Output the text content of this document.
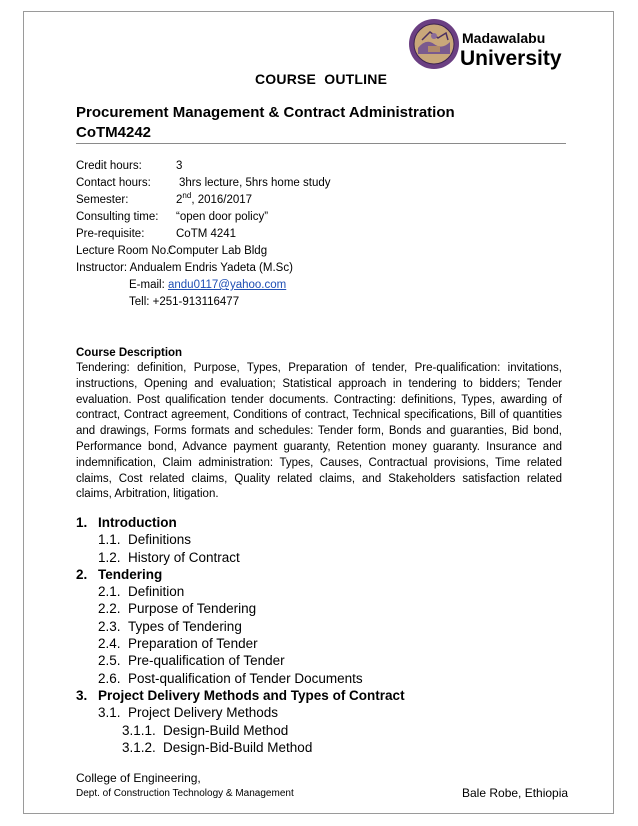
Madawalabu
University
COURSE  OUTLINE
Procurement Management & Contract Administration
CoTM4242
Credit hours:	3
Contact hours: 3hrs lecture, 5hrs home study
Semester:	2nd, 2016/2017
Consulting time: “open door policy”
Pre-requisite:	CoTM 4241
Lecture Room No.:
Computer Lab Bldg
Instructor: Andualem Endris Yadeta (M.Sc)
E-mail: andu0117@yahoo.com
Tell: +251-913116477
Course Description
Tendering: definition, Purpose, Types, Preparation of tender, Pre-qualification: invitations, instructions, Opening and evaluation; Statistical approach in tendering to bidders; Tender evaluation. Post qualification tender documents. Contracting: definitions, Types, awarding of contract, Contract agreement, Conditions of contract, Technical specifications, Bill of quantities and drawings, Forms formats and schedules: Tender form, Bonds and guaranties, Bid bond, Performance bond, Advance payment guaranty, Retention money guaranty. Insurance and indemnification, Claim administration: Types, Causes, Contractual provisions, Time related claims, Cost related claims, Quality related claims, and Stakeholders satisfaction related claims, Arbitration, litigation.
1. Introduction
1.1. Definitions
1.2. History of Contract
2. Tendering
2.1. Definition
2.2. Purpose of Tendering
2.3. Types of Tendering
2.4. Preparation of Tender
2.5. Pre-qualification of Tender
2.6. Post-qualification of Tender Documents
3. Project Delivery Methods and Types of Contract
3.1. Project Delivery Methods
3.1.1. Design-Build Method
3.1.2. Design-Bid-Build Method
College of Engineering,
Dept. of Construction Technology & Management	Bale Robe, Ethiopia
